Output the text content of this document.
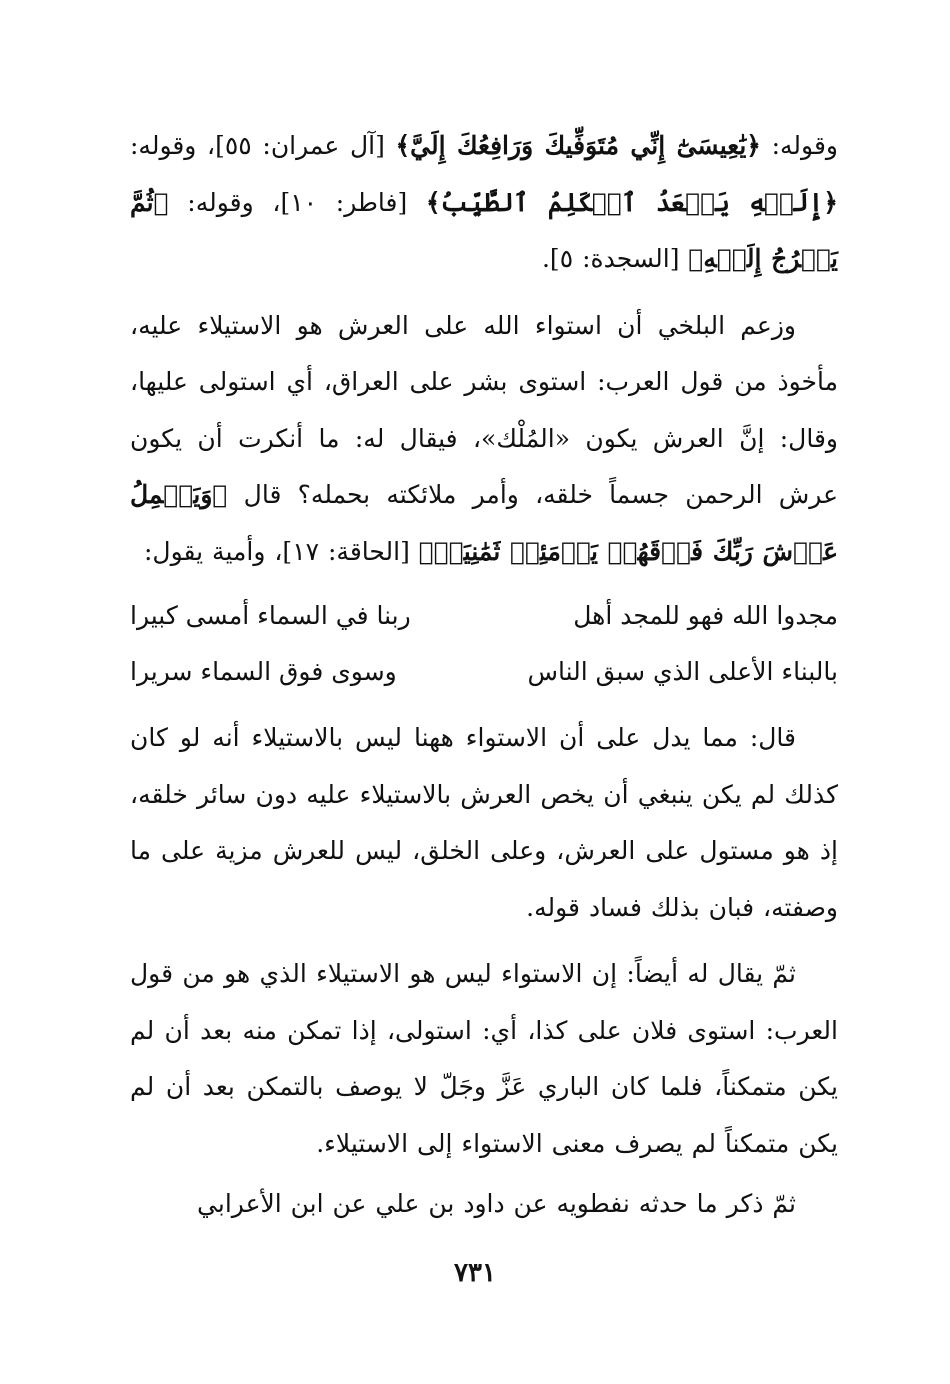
وقوله: ﴿يَٰعِيسَىٰٓ إِنِّي مُتَوَفِّيكَ وَرَافِعُكَ إِلَيَّ﴾ [آل عمران: ٥٥]، وقوله: ﴿إِلَيۡهِ يَصۡعَدُ ٱلۡكَلِمُ ٱلطَّيِّبُ﴾ [فاطر: ١٠]، وقوله: ﴿ثُمَّ يَعۡرُجُ إِلَيۡهِ﴾ [السجدة: ٥].

وزعم البلخي أن استواء الله على العرش هو الاستيلاء عليه، مأخوذ من قول العرب: استوى بشر على العراق، أي استولى عليها، وقال: إنَّ العرش يكون «المُلْك»، فيقال له: ما أنكرت أن يكون عرش الرحمن جسماً خلقه، وأمر ملائكته بحمله؟ قال ﴿وَيَحۡمِلُ عَرۡشَ رَبِّكَ فَوۡقَهُمۡ يَوۡمَئِذٖ ثَمَٰنِيَةٞ﴾ [الحاقة: ١٧]، وأمية يقول:

مجدوا الله فهو للمجد أهل
ربنا في السماء أمسى كبيرا
بالبناء الأعلى الذي سبق الناس
وسوى فوق السماء سريرا

قال: مما يدل على أن الاستواء ههنا ليس بالاستيلاء أنه لو كان كذلك لم يكن ينبغي أن يخص العرش بالاستيلاء عليه دون سائر خلقه، إذ هو مستول على العرش، وعلى الخلق، ليس للعرش مزية على ما وصفته، فبان بذلك فساد قوله.

ثمّ يقال له أيضاً: إن الاستواء ليس هو الاستيلاء الذي هو من قول العرب: استوى فلان على كذا، أي: استولى، إذا تمكن منه بعد أن لم يكن متمكناً، فلما كان الباري عَزَّ وجَلّ لا يوصف بالتمكن بعد أن لم يكن متمكناً لم يصرف معنى الاستواء إلى الاستيلاء.

ثمّ ذكر ما حدثه نفطويه عن داود بن علي عن ابن الأعرابي

٧٣١
